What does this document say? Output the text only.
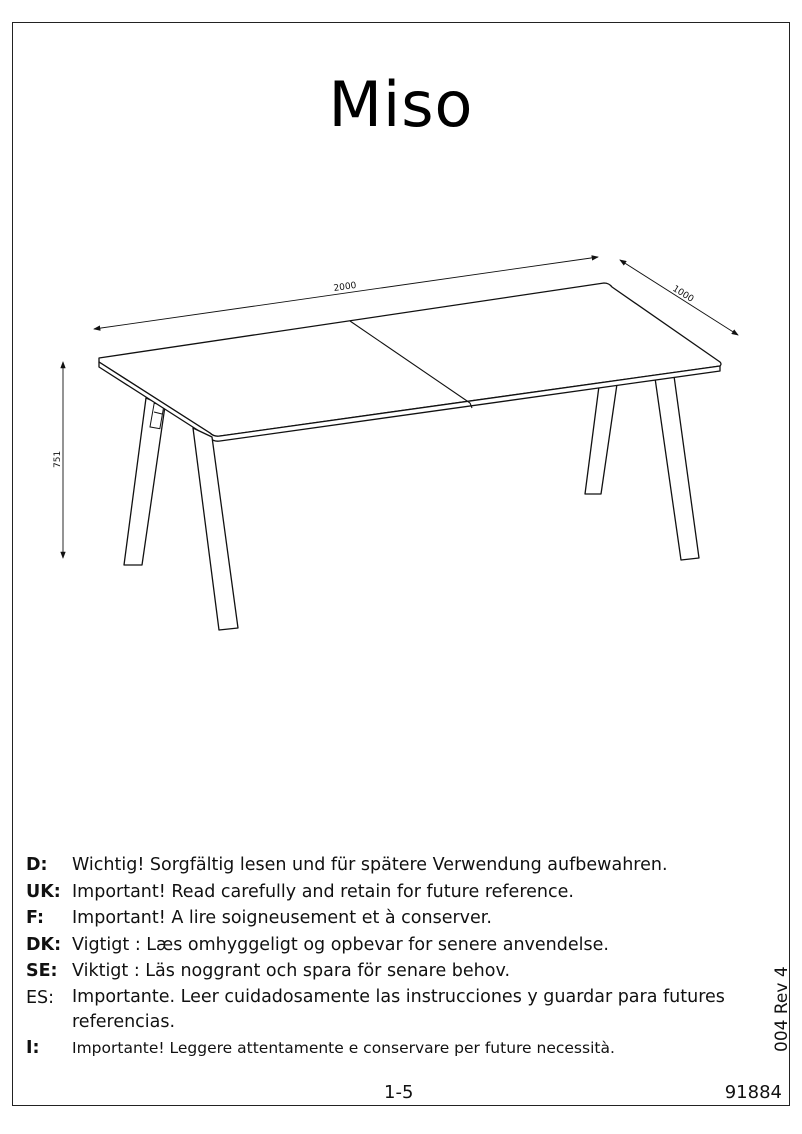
Miso
2000	1000
751
D:	Wichtig! Sorgfältig lesen und für spätere Verwendung aufbewahren.
UK: Important! Read carefully and retain for future reference.
F:	Important! A lire soigneusement et à conserver.
DK: Vigtigt : Læs omhyggeligt og opbevar for senere anvendelse.
SE: Viktigt : Läs noggrant och spara för senare behov.
ES:	Importante. Leer cuidadosamente las instrucciones y guardar para futures referencias.
I:	Importante! Leggere attentamente e conservare per future necessità.	004 Rev 4
1-5	91884
